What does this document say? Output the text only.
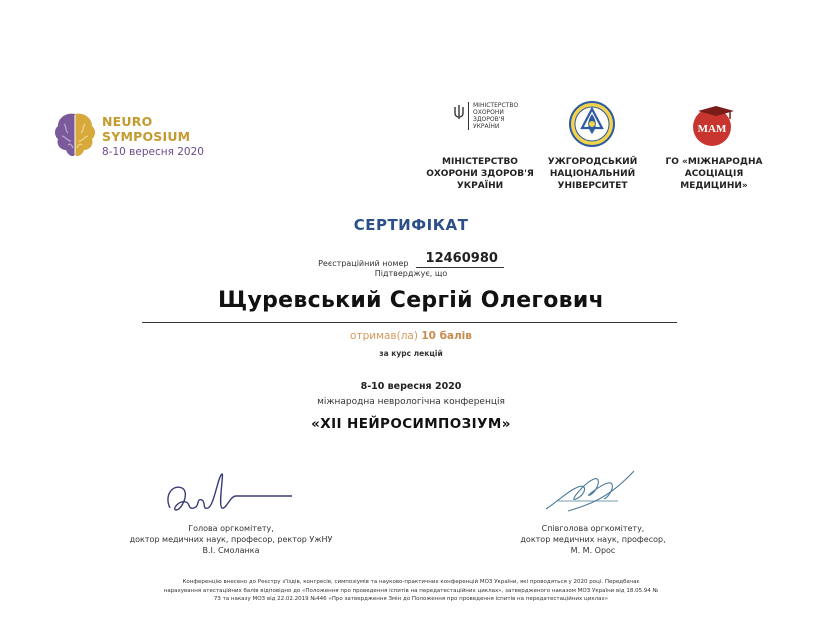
NEURO
SYMPOSIUM
8-10 вересня 2020
МІНІСТЕРСТВО
ОХОРОНИ
ЗДОРОВ'Я
УКРАЇНИ
МІНІСТЕРСТВО
ОХОРОНИ ЗДОРОВ'Я
УКРАЇНИ
УЖГОРОДСЬКИЙ
НАЦІОНАЛЬНИЙ
УНІВЕРСИТЕТ
MAM
ГО «МІЖНАРОДНА
АСОЦІАЦІЯ
МЕДИЦИНИ»
СЕРТИФІКАТ
Реєстраційний номер 12460980
Підтверджує, що
Щуревський Сергій Олегович
отримав(ла) 10 балів
за курс лекцій
8-10 вересня 2020
міжнародна неврологічна конференція
«XII НЕЙРОСИМПОЗІУМ»
Голова оргкомітету,
доктор медичних наук, професор, ректор УжНУ
В.І. Смоланка
Співголова оргкомітету,
доктор медичних наук, професор,
М. М. Орос
Конференцію внесено до Реєстру з'їздів, конгресів, симпозіумів та науково-практичних конференцій МОЗ України, які проводяться у 2020 році. Передбачає
нарахування атестаційних балів відповідно до «Положення про проведення іспитів на передатестаційних циклах», затвердженого наказом МОЗ України від 18.05.94 №
73 та наказу МОЗ від 22.02.2019 №446 «Про затвердження Змін до Положення про проведення іспитів на передатестаційних циклах»
